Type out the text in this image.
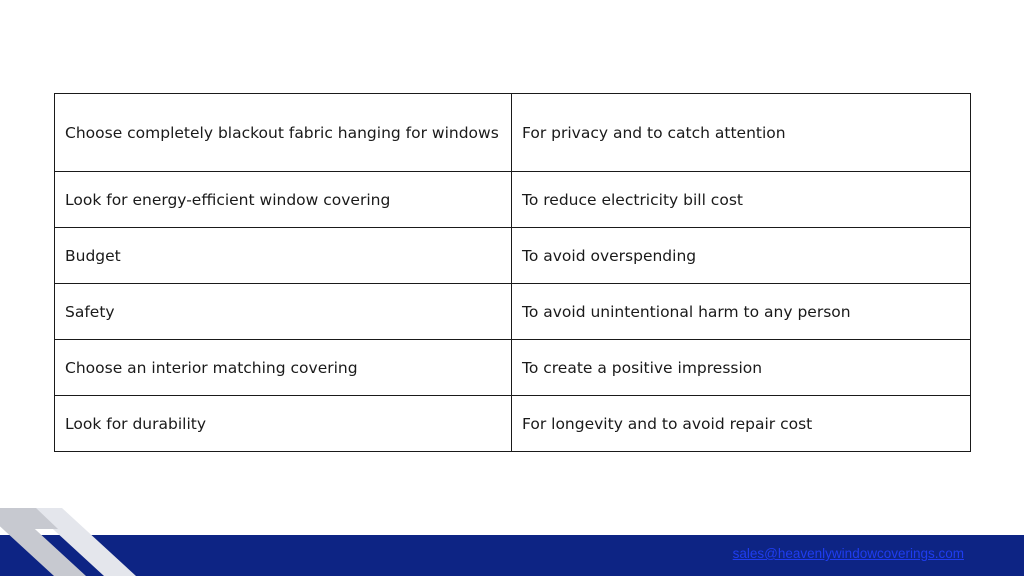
Choose completely blackout fabric hanging for windows	For privacy and to catch attention
Look for energy-efficient window covering	To reduce electricity bill cost
Budget	To avoid overspending
Safety	To avoid unintentional harm to any person
Choose an interior matching covering	To create a positive impression
Look for durability	For longevity and to avoid repair cost
sales@heavenlywindowcoverings.com
